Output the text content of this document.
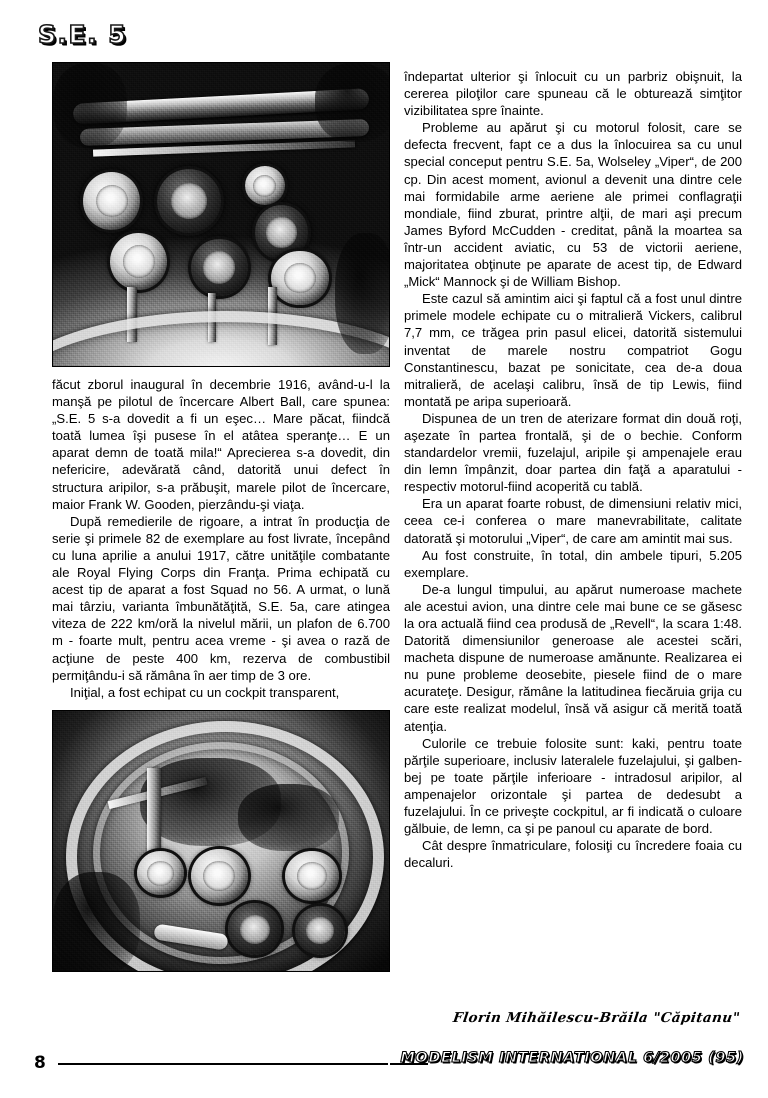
S.E. 5

făcut zborul inaugural în decembrie 1916, având-u-l la manşă pe pilotul de încercare Albert Ball, care spunea: „S.E. 5 s-a dovedit a fi un eşec… Mare păcat, fiindcă toată lumea îşi pusese în el atâtea speranţe… E un aparat demn de toată mila!“ Aprecierea s-a dovedit, din nefericire, adevărată când, datorită unui defect în structura aripilor, s-a prăbuşit, marele pilot de încercare, maior Frank W. Gooden, pierzându-şi viaţa.

După remedierile de rigoare, a intrat în producţia de serie şi primele 82 de exemplare au fost livrate, începând cu luna aprilie a anului 1917, către unităţile combatante ale Royal Flying Corps din Franţa. Prima echipată cu acest tip de aparat a fost Squad no 56. A urmat, o lună mai târziu, varianta îmbunătăţită, S.E. 5a, care atingea viteza de 222 km/oră la nivelul mării, un plafon de 6.700 m - foarte mult, pentru acea vreme - şi avea o rază de acţiune de peste 400 km, rezerva de combustibil permiţându-i să rămâna în aer timp de 3 ore.

Iniţial, a fost echipat cu un cockpit transparent,

îndepartat ulterior şi înlocuit cu un parbriz obişnuit, la cererea piloţilor care spuneau că le obturează simţitor vizibilitatea spre înainte.

Probleme au apărut şi cu motorul folosit, care se defecta frecvent, fapt ce a dus la înlocuirea sa cu unul special conceput pentru S.E. 5a, Wolseley „Viper“, de 200 cp. Din acest moment, avionul a devenit una dintre cele mai formidabile arme aeriene ale primei conflagraţii mondiale, fiind zburat, printre alţii, de mari aşi precum James Byford McCudden - creditat, până la moartea sa într-un accident aviatic, cu 53 de victorii aeriene, majoritatea obţinute pe aparate de acest tip, de Edward „Mick“ Mannock şi de William Bishop.

Este cazul să amintim aici şi faptul că a fost unul dintre primele modele echipate cu o mitralieră Vickers, calibrul 7,7 mm, ce trăgea prin pasul elicei, datorită sistemului inventat de marele nostru compatriot Gogu Constantinescu, bazat pe sonicitate, cea de-a doua mitralieră, de acelaşi calibru, însă de tip Lewis, fiind montată pe aripa superioară.

Dispunea de un tren de aterizare format din două roţi, aşezate în partea frontală, şi de o bechie. Conform standardelor vremii, fuzelajul, aripile şi ampenajele erau din lemn împânzit, doar partea din faţă a aparatului -respectiv motorul-fiind acoperită cu tablă.

Era un aparat foarte robust, de dimensiuni relativ mici, ceea ce-i conferea o mare manevrabilitate, calitate datorată şi motorului „Viper“, de care am amintit mai sus.

Au fost construite, în total, din ambele tipuri, 5.205 exemplare.

De-a lungul timpului, au apărut numeroase machete ale acestui avion, una dintre cele mai bune ce se găsesc la ora actuală fiind cea produsă de „Revell“, la scara 1:48. Datorită dimensiunilor generoase ale acestei scări, macheta dispune de numeroase amănunte. Realizarea ei nu pune probleme deosebite, piesele fiind de o mare acurateţe. Desigur, rămâne la latitudinea fiecăruia grija cu care este realizat modelul, însă vă asigur că merită toată atenţia.

Culorile ce trebuie folosite sunt: kaki, pentru toate părţile superioare, inclusiv lateralele fuzelajului, şi galben-bej pe toate părţile inferioare - intradosul aripilor, al ampenajelor orizontale şi partea de dedesubt a fuzelajului. În ce priveşte cockpitul, ar fi indicată o culoare gălbuie, de lemn, ca şi pe panoul cu aparate de bord.

Cât despre înmatriculare, folosiţi cu încredere foaia cu decaluri.

Florin Mihăilescu-Brăila "Căpitanu"
8	MODELISM INTERNATIONAL 6/2005 (95)
